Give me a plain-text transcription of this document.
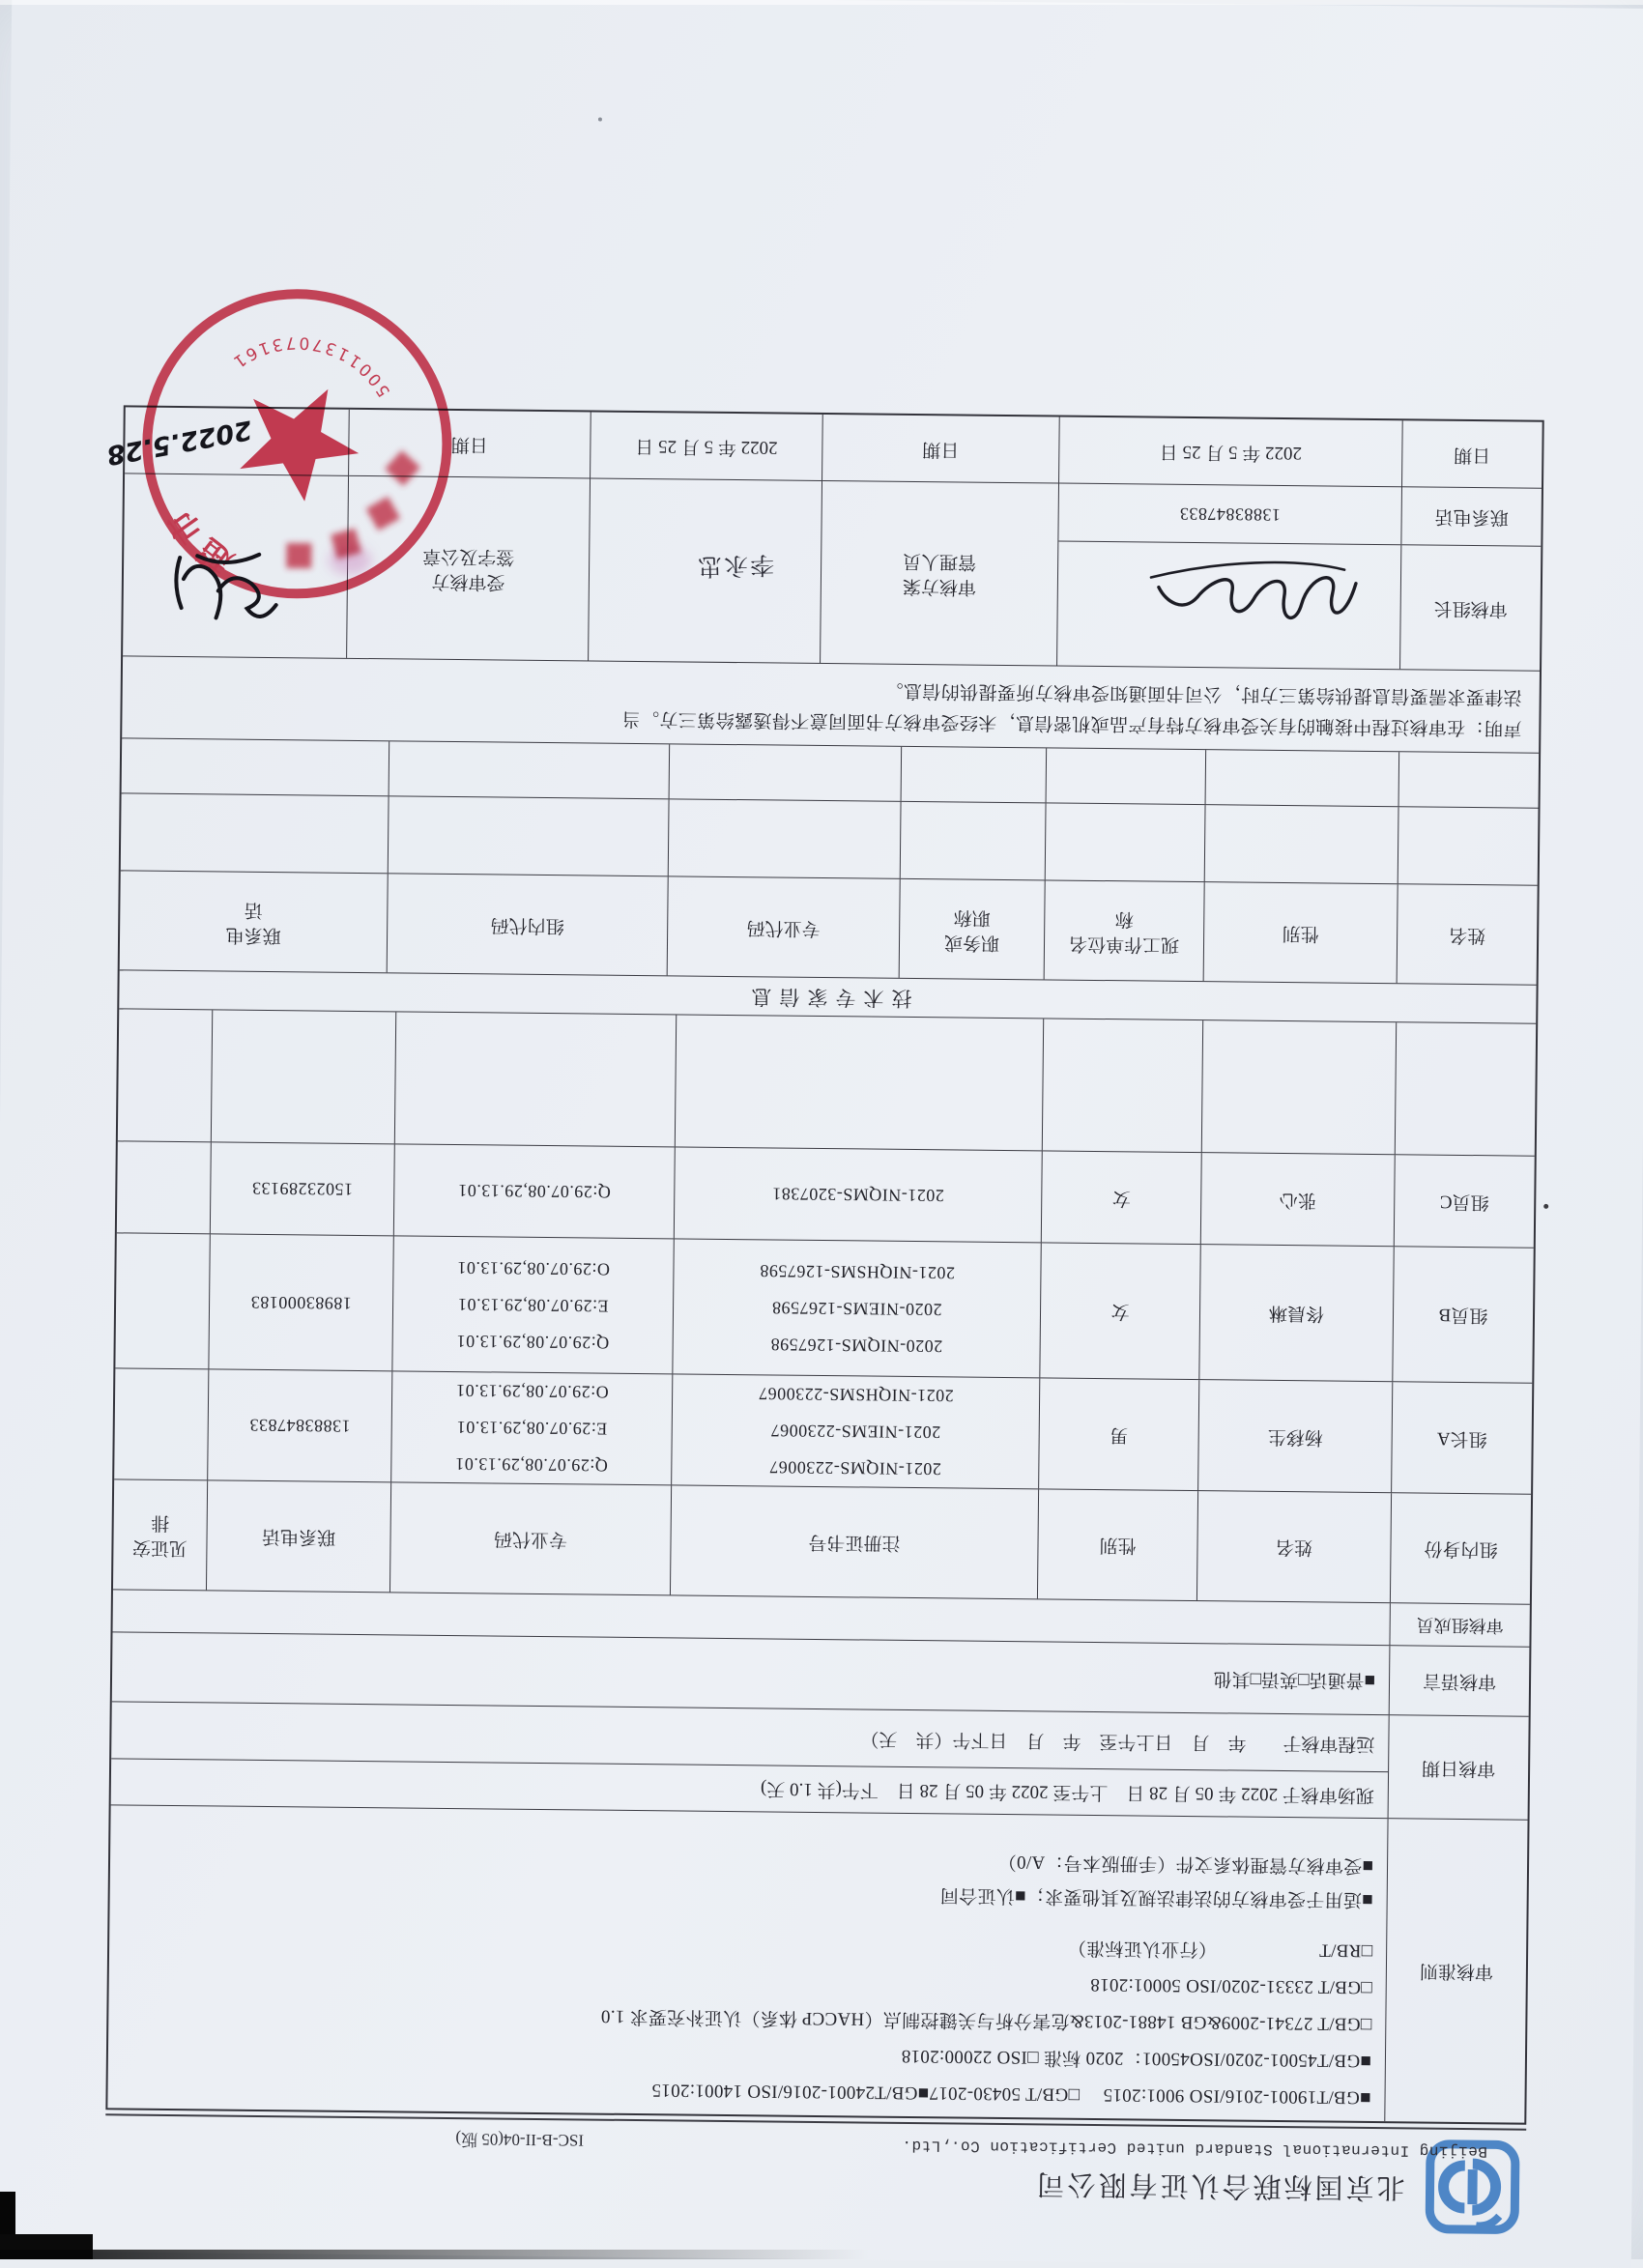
北京国标联合认证有限公司
Beijing International Standard united Certification Co.,Ltd.
ISC-B-II-04(05 版)
审核准则
■GB/T19001-2016/ISO 9001:2015　 □GB/T 50430-2017■GB/T24001-2016/ISO 14001:2015
■GB/T45001-2020/ISO45001：2020 标准 □ISO 22000:2018
□GB/T 27341-2009&GB 14881-2013&危害分析与关键控制点（HACCP 体系）认证补充要求 1.0
□GB/T 23331-2020/ISO 50001:2018
□RB/T　　　　　　（行业认证标准）
■适用于受审核方的法律法规及其他要求；■认证合同
■受审核方管理体系文件（手册版本号：A/0）
审核日期
现场审核于 2022 年 05 月 28 日　上午至 2022 年 05 月 28 日　下午(共 1.0 天)
远程审核于　　年　月　日上午至　年　月　日下午（共　天）
审核语言
■普通话□英语□其他
审核组成员
组内身份
姓名
性别
注册证书号
专业代码
联系电话
见证安排
组长A
杨移生
男
2021-NIQMS-2230067
2021-NIEMS-2230067
2021-NIQHSMS-2230067
Q:29.07.08,29.13.01
E:29.07.08,29.13.01
O:29.07.08,29.13.01
13883847833
组员B
佟晨琳
女
2020-NIQMS-1267598
2020-NIEMS-1267598
2021-NIQHSMS-1267598
Q:29.07.08,29.13.01
E:29.07.08,29.13.01
O:29.07.08,29.13.01
18983000183
组员C
张心
女
2021-NIQMS-3207381
Q:29.07.08,29.13.01
15023289133
技术专家信息
姓名
性别
现工作单位名称
职务或职称
专业代码
组内代码
联系电话
声明：在审核过程中接触的有关受审核方特有产品或机密信息，未经受审核方书面同意不得透露给第三方。当
法律要求需要信息提供给第三方时，公司书面通知受审核方所要提供的信息。
审核组长
联系电话
日期
13883847833
2022 年 5 月 25 日
审核方案
管理人员
日期
2022 年 5 月 25 日
受审核方
签字及公章
日期
李永忠
超市
5001137073161
2022.5.28
